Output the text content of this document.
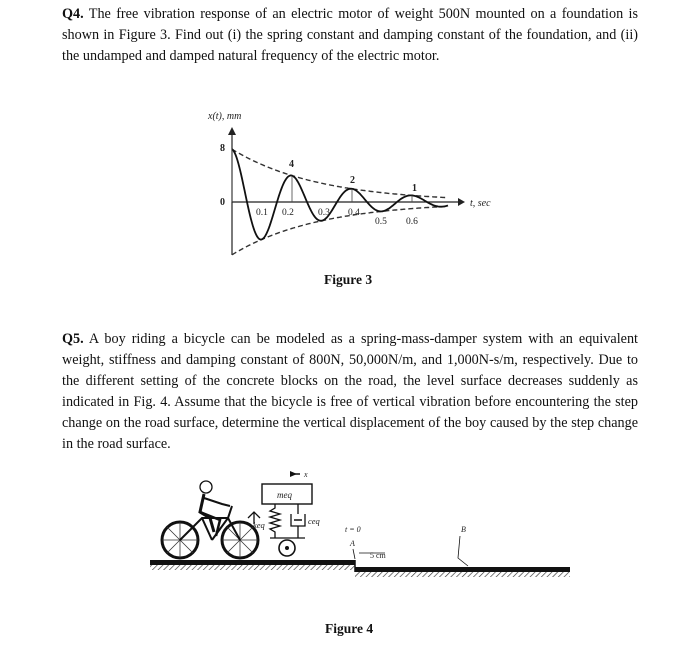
Q4. The free vibration response of an electric motor of weight 500N mounted on a foundation is shown in Figure 3. Find out (i) the spring constant and damping constant of the foundation, and (ii) the undamped and damped natural frequency of the electric motor.

x(t), mm
t, sec
8
0
4
2
1
0.1 0.2	0.3 0.4
0.5 0.6
Figure 3

Q5. A boy riding a bicycle can be modeled as a spring-mass-damper system with an equivalent weight, stiffness and damping constant of 800N, 50,000N/m, and 1,000N-s/m, respectively. Due to the different setting of the concrete blocks on the road, the level surface decreases suddenly as indicated in Fig. 4. Assume that the bicycle is free of vertical vibration before encountering the step change on the road surface, determine the vertical displacement of the boy caused by the step change in the road surface.

x
meq
keq	ceq
t = 0
A
B
5 cm
Figure 4
